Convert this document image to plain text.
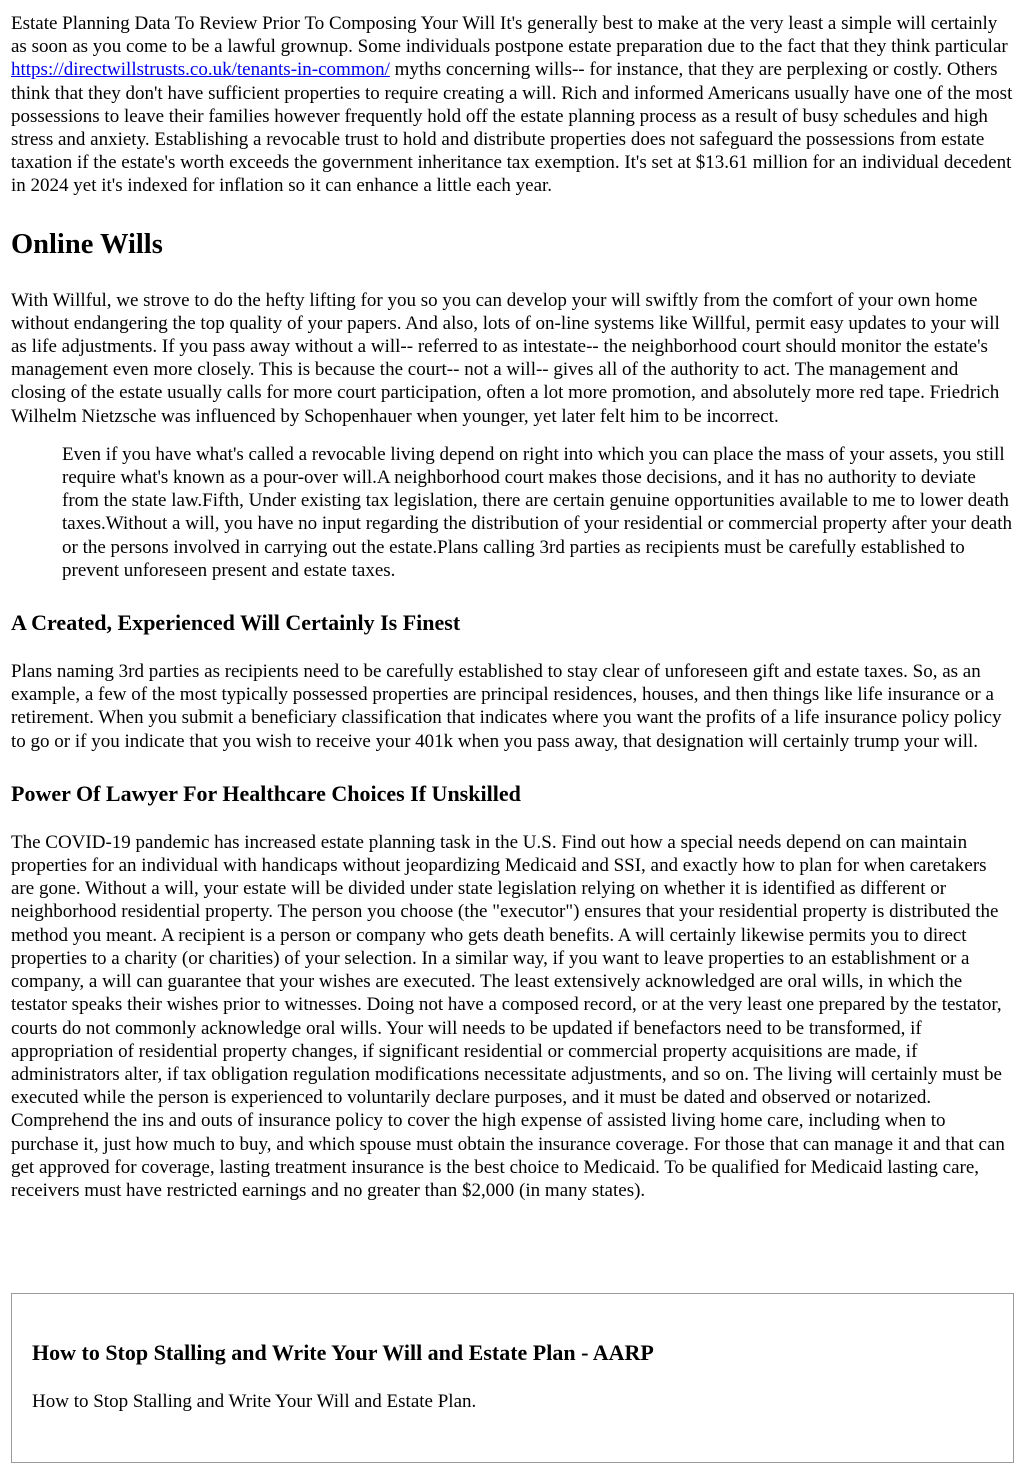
Estate Planning Data To Review Prior To Composing Your Will It's generally best to make at the very least a simple will certainly as soon as you come to be a lawful grownup. Some individuals postpone estate preparation due to the fact that they think particular https://directwillstrusts.co.uk/tenants-in-common/ myths concerning wills-- for instance, that they are perplexing or costly. Others think that they don't have sufficient properties to require creating a will. Rich and informed Americans usually have one of the most possessions to leave their families however frequently hold off the estate planning process as a result of busy schedules and high stress and anxiety. Establishing a revocable trust to hold and distribute properties does not safeguard the possessions from estate taxation if the estate's worth exceeds the government inheritance tax exemption. It's set at $13.61 million for an individual decedent in 2024 yet it's indexed for inflation so it can enhance a little each year.

Online Wills

With Willful, we strove to do the hefty lifting for you so you can develop your will swiftly from the comfort of your own home without endangering the top quality of your papers. And also, lots of on-line systems like Willful, permit easy updates to your will as life adjustments. If you pass away without a will-- referred to as intestate-- the neighborhood court should monitor the estate's management even more closely. This is because the court-- not a will-- gives all of the authority to act. The management and closing of the estate usually calls for more court participation, often a lot more promotion, and absolutely more red tape. Friedrich Wilhelm Nietzsche was influenced by Schopenhauer when younger, yet later felt him to be incorrect.

Even if you have what's called a revocable living depend on right into which you can place the mass of your assets, you still require what's known as a pour-over will.A neighborhood court makes those decisions, and it has no authority to deviate from the state law.Fifth, Under existing tax legislation, there are certain genuine opportunities available to me to lower death taxes.Without a will, you have no input regarding the distribution of your residential or commercial property after your death or the persons involved in carrying out the estate.Plans calling 3rd parties as recipients must be carefully established to prevent unforeseen present and estate taxes.

A Created, Experienced Will Certainly Is Finest

Plans naming 3rd parties as recipients need to be carefully established to stay clear of unforeseen gift and estate taxes. So, as an example, a few of the most typically possessed properties are principal residences, houses, and then things like life insurance or a retirement. When you submit a beneficiary classification that indicates where you want the profits of a life insurance policy policy to go or if you indicate that you wish to receive your 401k when you pass away, that designation will certainly trump your will.

Power Of Lawyer For Healthcare Choices If Unskilled

The COVID-19 pandemic has increased estate planning task in the U.S. Find out how a special needs depend on can maintain properties for an individual with handicaps without jeopardizing Medicaid and SSI, and exactly how to plan for when caretakers are gone. Without a will, your estate will be divided under state legislation relying on whether it is identified as different or neighborhood residential property. The person you choose (the "executor") ensures that your residential property is distributed the method you meant. A recipient is a person or company who gets death benefits. A will certainly likewise permits you to direct properties to a charity (or charities) of your selection. In a similar way, if you want to leave properties to an establishment or a company, a will can guarantee that your wishes are executed. The least extensively acknowledged are oral wills, in which the testator speaks their wishes prior to witnesses. Doing not have a composed record, or at the very least one prepared by the testator, courts do not commonly acknowledge oral wills. Your will needs to be updated if benefactors need to be transformed, if appropriation of residential property changes, if significant residential or commercial property acquisitions are made, if administrators alter, if tax obligation regulation modifications necessitate adjustments, and so on. The living will certainly must be executed while the person is experienced to voluntarily declare purposes, and it must be dated and observed or notarized. Comprehend the ins and outs of insurance policy to cover the high expense of assisted living home care, including when to purchase it, just how much to buy, and which spouse must obtain the insurance coverage. For those that can manage it and that can get approved for coverage, lasting treatment insurance is the best choice to Medicaid. To be qualified for Medicaid lasting care, receivers must have restricted earnings and no greater than $2,000 (in many states).

How to Stop Stalling and Write Your Will and Estate Plan - AARP

How to Stop Stalling and Write Your Will and Estate Plan.
